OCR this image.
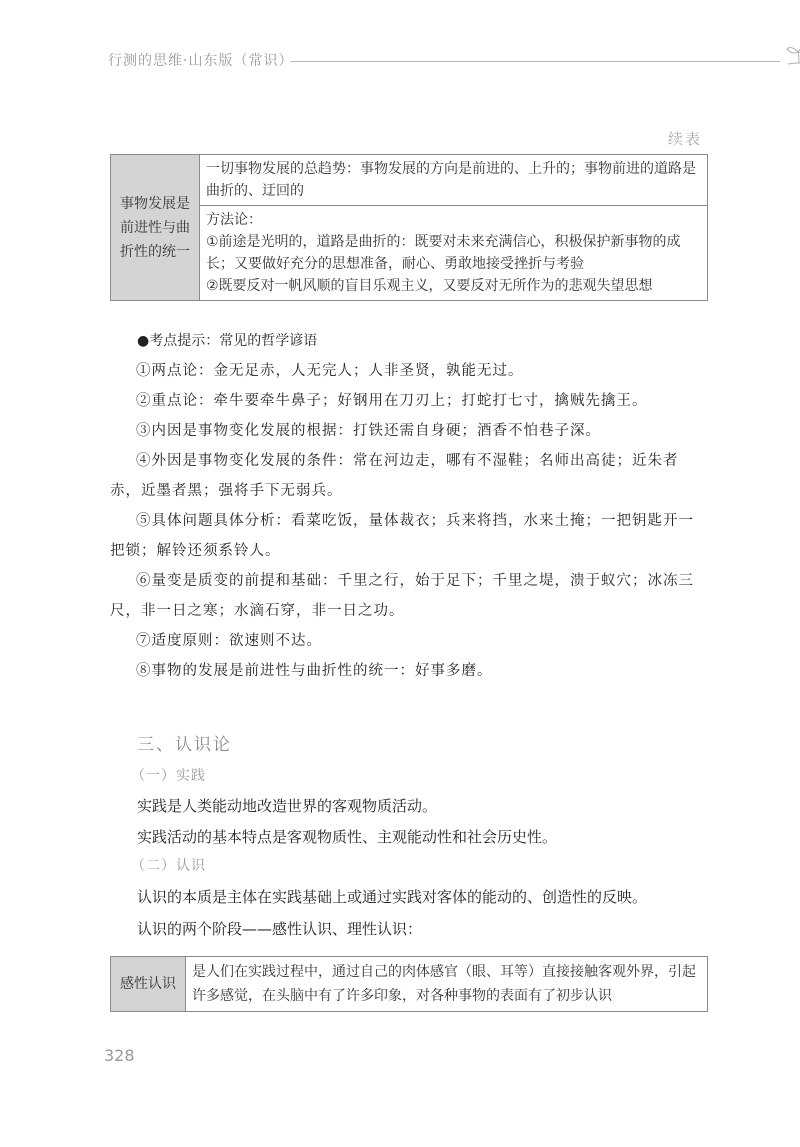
行测的思维·山东版（常识）
续表
事物发展是前进性与曲折性的统一	一切事物发展的总趋势：事物发展的方向是前进的、上升的；事物前进的道路是曲折的、迂回的

方法论：
①前途是光明的，道路是曲折的：既要对未来充满信心，积极保护新事物的成长；又要做好充分的思想准备，耐心、勇敢地接受挫折与考验
②既要反对一帆风顺的盲目乐观主义，又要反对无所作为的悲观失望思想
●考点提示：常见的哲学谚语
①两点论：金无足赤，人无完人；人非圣贤，孰能无过。
②重点论：牵牛要牵牛鼻子；好钢用在刀刃上；打蛇打七寸，擒贼先擒王。
③内因是事物变化发展的根据：打铁还需自身硬；酒香不怕巷子深。
④外因是事物变化发展的条件：常在河边走，哪有不湿鞋；名师出高徒；近朱者赤，近墨者黑；强将手下无弱兵。
⑤具体问题具体分析：看菜吃饭，量体裁衣；兵来将挡，水来土掩；一把钥匙开一把锁；解铃还须系铃人。
⑥量变是质变的前提和基础：千里之行，始于足下；千里之堤，溃于蚁穴；冰冻三尺，非一日之寒；水滴石穿，非一日之功。
⑦适度原则：欲速则不达。
⑧事物的发展是前进性与曲折性的统一：好事多磨。
三、认识论
（一）实践
实践是人类能动地改造世界的客观物质活动。
实践活动的基本特点是客观物质性、主观能动性和社会历史性。
（二）认识
认识的本质是主体在实践基础上或通过实践对客体的能动的、创造性的反映。
认识的两个阶段——感性认识、理性认识：
感性认识	是人们在实践过程中，通过自己的肉体感官（眼、耳等）直接接触客观外界，引起许多感觉，在头脑中有了许多印象，对各种事物的表面有了初步认识
328
